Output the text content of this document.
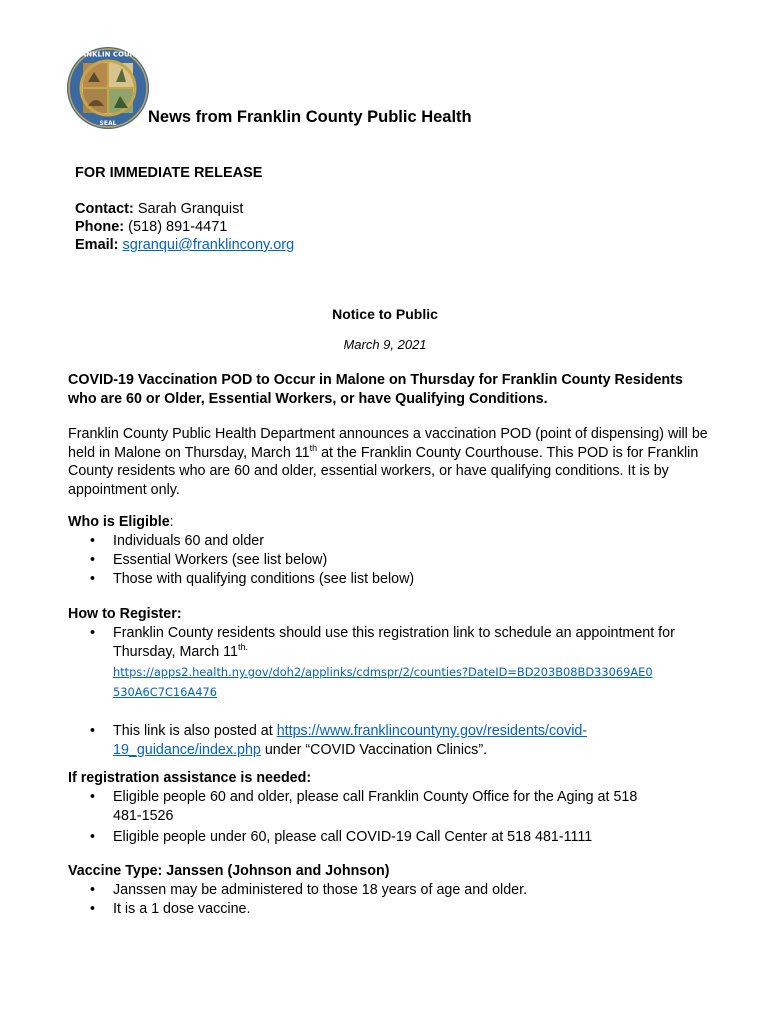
FRANKLIN COUNTY
SEAL News from Franklin County Public Health
FOR IMMEDIATE RELEASE
Contact: Sarah Granquist
Phone: (518) 891-4471
Email: sgranqui@franklincony.org
Notice to Public
March 9, 2021
COVID-19 Vaccination POD to Occur in Malone on Thursday for Franklin County Residents who are 60 or Older, Essential Workers, or have Qualifying Conditions.
Franklin County Public Health Department announces a vaccination POD (point of dispensing) will be held in Malone on Thursday, March 11th at the Franklin County Courthouse. This POD is for Franklin County residents who are 60 and older, essential workers, or have qualifying conditions. It is by appointment only.
Who is Eligible:
• Individuals 60 and older
• Essential Workers (see list below)
• Those with qualifying conditions (see list below)
How to Register:
• Franklin County residents should use this registration link to schedule an appointment for Thursday, March $11^{th.}$
https://apps2.health.ny.gov/doh2/applinks/cdmspr/2/counties?DateID=BD203B08BD33069AE0
530A6C7C16A476
• This link is also posted at https://www.franklincountyny.gov/residents/covid-19_guidance/index.php under “COVID Vaccination Clinics”.
If registration assistance is needed:
• Eligible people 60 and older, please call Franklin County Office for the Aging at 518 481-1526
• Eligible people under 60, please call COVID-19 Call Center at 518 481-1111
Vaccine Type: Janssen (Johnson and Johnson)
• Janssen may be administered to those 18 years of age and older.
• It is a 1 dose vaccine.
